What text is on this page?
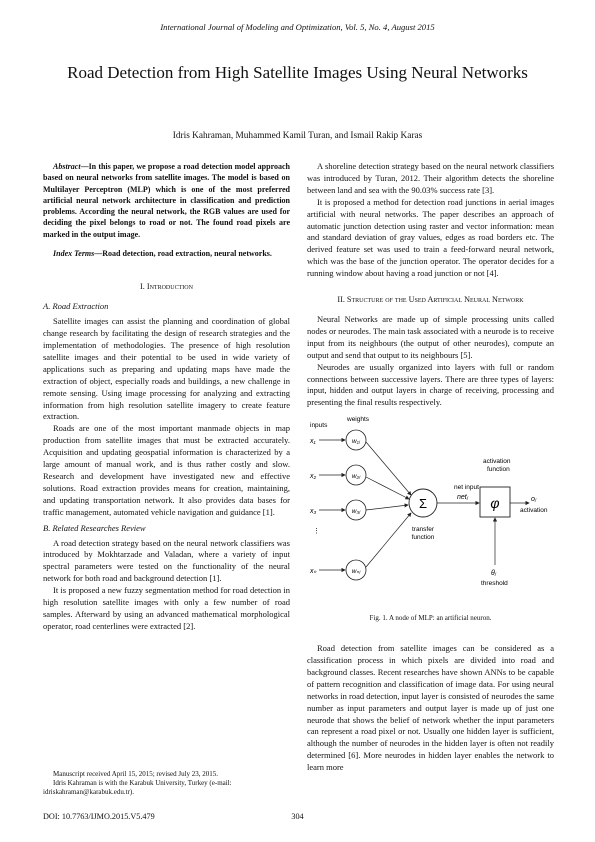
International Journal of Modeling and Optimization, Vol. 5, No. 4, August 2015
Road Detection from High Satellite Images Using Neural Networks
Idris Kahraman, Muhammed Kamil Turan, and Ismail Rakip Karas

Abstract—In this paper, we propose a road detection model approach based on neural networks from satellite images. The model is based on Multilayer Perceptron (MLP) which is one of the most preferred artificial neural network architecture in classification and prediction problems. According the neural network, the RGB values are used for deciding the pixel belongs to road or not. The found road pixels are marked in the output image.

Index Terms—Road detection, road extraction, neural networks.

I. Introduction
A. Road Extraction

Satellite images can assist the planning and coordination of global change research by facilitating the design of research strategies and the implementation of methodologies. The presence of high resolution satellite images and their potential to be used in wide variety of applications such as preparing and updating maps have made the extraction of object, especially roads and buildings, a new challenge in remote sensing. Using image processing for analyzing and extracting information from high resolution satellite imagery to create feature extraction.

Roads are one of the most important manmade objects in map production from satellite images that must be extracted accurately. Acquisition and updating geospatial information is characterized by a large amount of manual work, and is thus rather costly and slow. Research and development have investigated new and effective solutions. Road extraction provides means for creation, maintaining, and updating transportation network. It also provides data bases for traffic management, automated vehicle navigation and guidance [1].

B. Related Researches Review

A road detection strategy based on the neural network classifiers was introduced by Mokhtarzade and Valadan, where a variety of input spectral parameters were tested on the functionality of the neural network for both road and background detection [1].

It is proposed a new fuzzy segmentation method for road detection in high resolution satellite images with only a few number of road samples. Afterward by using an advanced mathematical morphological operator, road centerlines were extracted [2].

A shoreline detection strategy based on the neural network classifiers was introduced by Turan, 2012. Their algorithm detects the shoreline between land and sea with the 90.03% success rate [3].

It is proposed a method for detection road junctions in aerial images artificial with neural networks. The paper describes an approach of automatic junction detection using raster and vector information: mean and standard deviation of gray values, edges as road borders etc. The derived feature set was used to train a feed-forward neural network, which was the base of the junction operator. The operator decides for a running window about having a road junction or not [4].

II. Structure of the Used Artificial Neural Network

Neural Networks are made up of simple processing units called nodes or neurodes. The main task associated with a neurode is to receive input from its neighbours (the output of other neurodes), compute an output and send that output to its neighbours [5].

Neurodes are usually organized into layers with full or random connections between successive layers. There are three types of layers: input, hidden and output layers in charge of receiving, processing and presenting the final results respectively.

inputs
weights
x₁
x₂
x₃
⋮
xₙ
w₁ⱼ
w₂ⱼ
w₃ⱼ
wₙⱼ
Σ
transfer
function
net input
netⱼ φ
activation
function
oⱼ
activation
θⱼ
threshold
Fig. 1. A node of MLP: an artificial neuron.

Road detection from satellite images can be considered as a classification process in which pixels are divided into road and background classes. Recent researches have shown ANNs to be capable of pattern recognition and classification of image data. For using neural networks in road detection, input layer is consisted of neurodes the same number as input parameters and output layer is made up of just one neurode that shows the belief of network whether the input parameters can represent a road pixel or not. Usually one hidden layer is sufficient, although the number of neurodes in the hidden layer is often not readily determined [6]. More neurodes in hidden layer enables the network to learn more

Manuscript received April 15, 2015; revised July 23, 2015.

Idris Kahraman is with the Karabuk University, Turkey (e-mail: idriskahraman@karabuk.edu.tr).

DOI: 10.7763/IJMO.2015.V5.479	304
